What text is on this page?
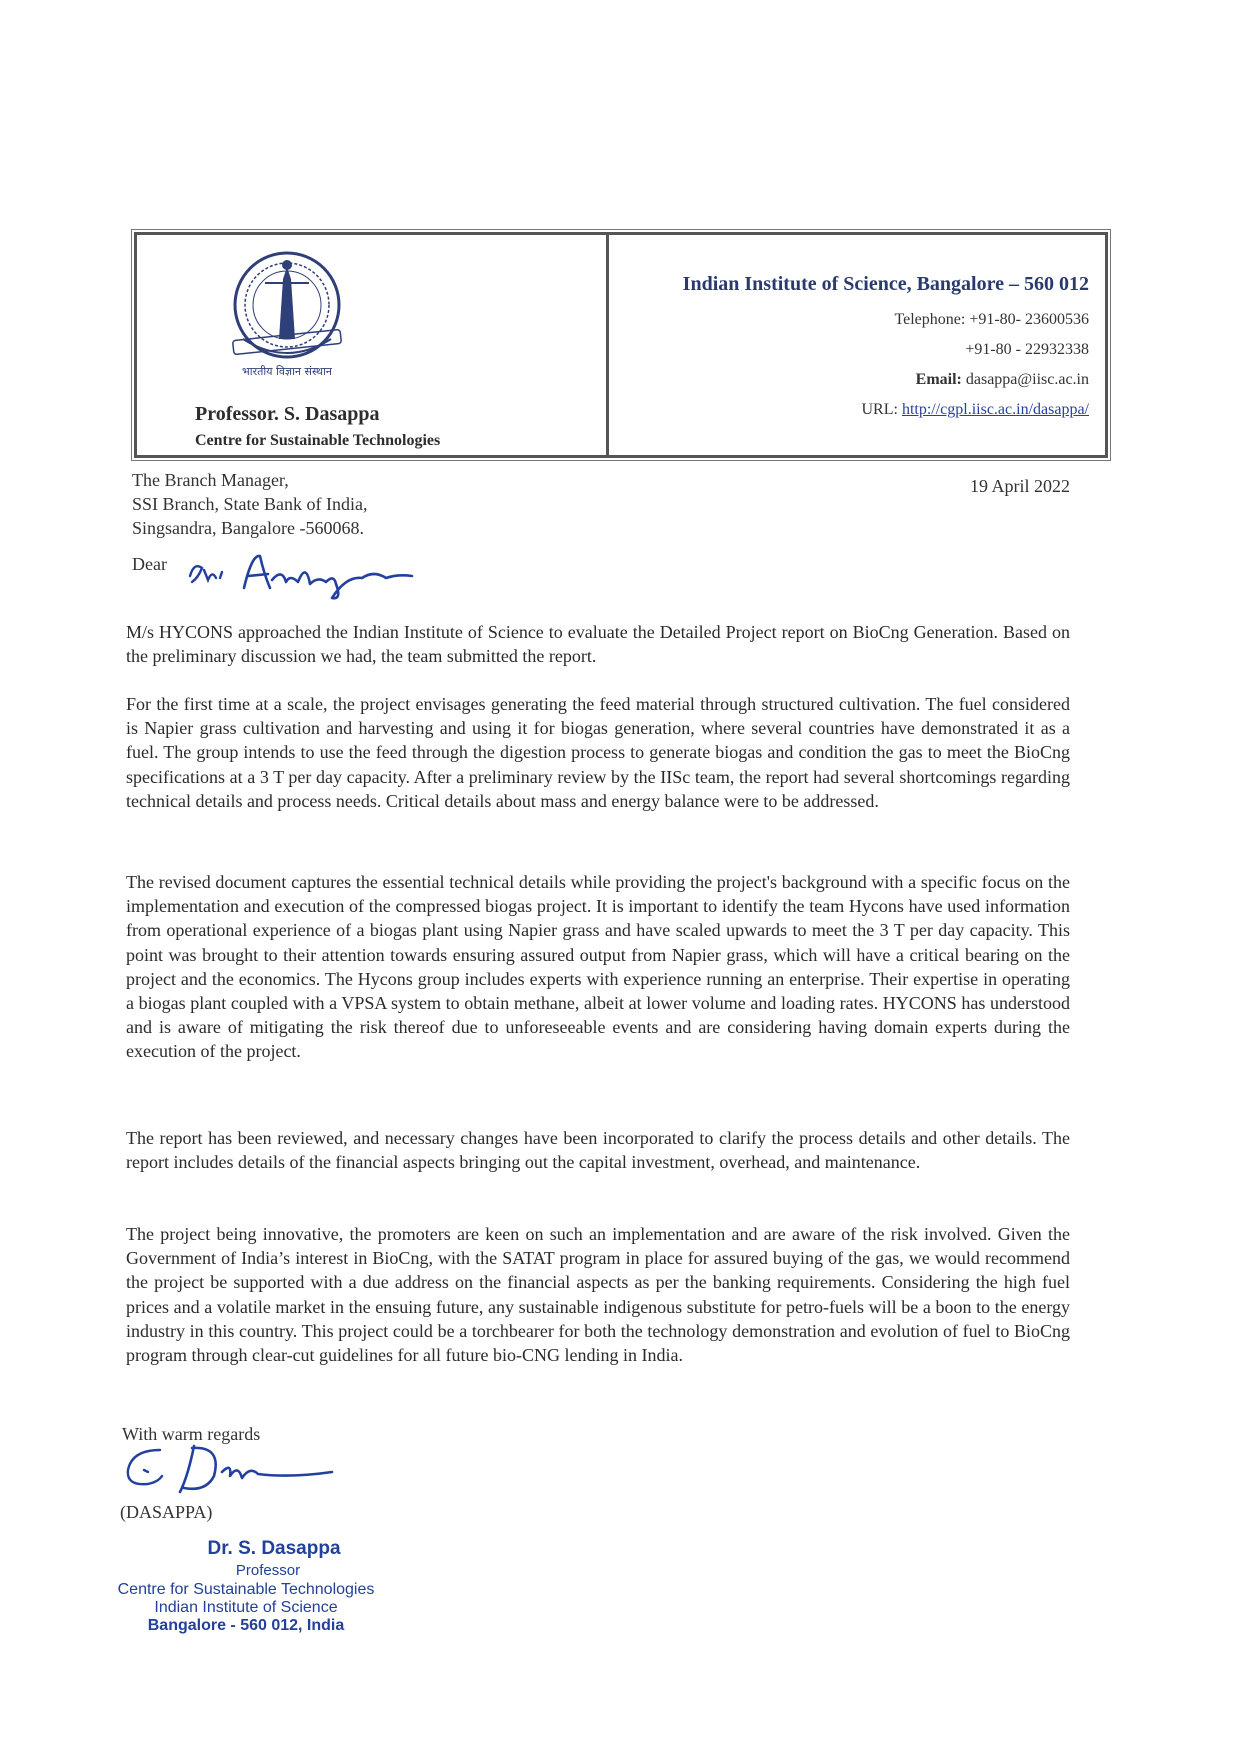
भारतीय विज्ञान संस्थान
Professor. S. Dasappa
Centre for Sustainable Technologies
Indian Institute of Science, Bangalore – 560 012
Telephone: +91-80- 23600536
+91-80 - 22932338
Email: dasappa@iisc.ac.in
URL: http://cgpl.iisc.ac.in/dasappa/
The Branch Manager,
SSI Branch, State Bank of India,
Singsandra, Bangalore -560068.
19 April 2022
Dear
M/s HYCONS approached the Indian Institute of Science to evaluate the Detailed Project report on BioCng Generation. Based on the preliminary discussion we had, the team submitted the report.
For the first time at a scale, the project envisages generating the feed material through structured cultivation. The fuel considered is Napier grass cultivation and harvesting and using it for biogas generation, where several countries have demonstrated it as a fuel. The group intends to use the feed through the digestion process to generate biogas and condition the gas to meet the BioCng specifications at a 3 T per day capacity. After a preliminary review by the IISc team, the report had several shortcomings regarding technical details and process needs. Critical details about mass and energy balance were to be addressed.
The revised document captures the essential technical details while providing the project's background with a specific focus on the implementation and execution of the compressed biogas project. It is important to identify the team Hycons have used information from operational experience of a biogas plant using Napier grass and have scaled upwards to meet the 3 T per day capacity. This point was brought to their attention towards ensuring assured output from Napier grass, which will have a critical bearing on the project and the economics. The Hycons group includes experts with experience running an enterprise. Their expertise in operating a biogas plant coupled with a VPSA system to obtain methane, albeit at lower volume and loading rates. HYCONS has understood and is aware of mitigating the risk thereof due to unforeseeable events and are considering having domain experts during the execution of the project.
The report has been reviewed, and necessary changes have been incorporated to clarify the process details and other details. The report includes details of the financial aspects bringing out the capital investment, overhead, and maintenance.
The project being innovative, the promoters are keen on such an implementation and are aware of the risk involved. Given the Government of India’s interest in BioCng, with the SATAT program in place for assured buying of the gas, we would recommend the project be supported with a due address on the financial aspects as per the banking requirements. Considering the high fuel prices and a volatile market in the ensuing future, any sustainable indigenous substitute for petro-fuels will be a boon to the energy industry in this country. This project could be a torchbearer for both the technology demonstration and evolution of fuel to BioCng program through clear-cut guidelines for all future bio-CNG lending in India.
With warm regards
(DASAPPA)
Dr. S. Dasappa
Professor
Centre for Sustainable Technologies
Indian Institute of Science
Bangalore - 560 012, India
